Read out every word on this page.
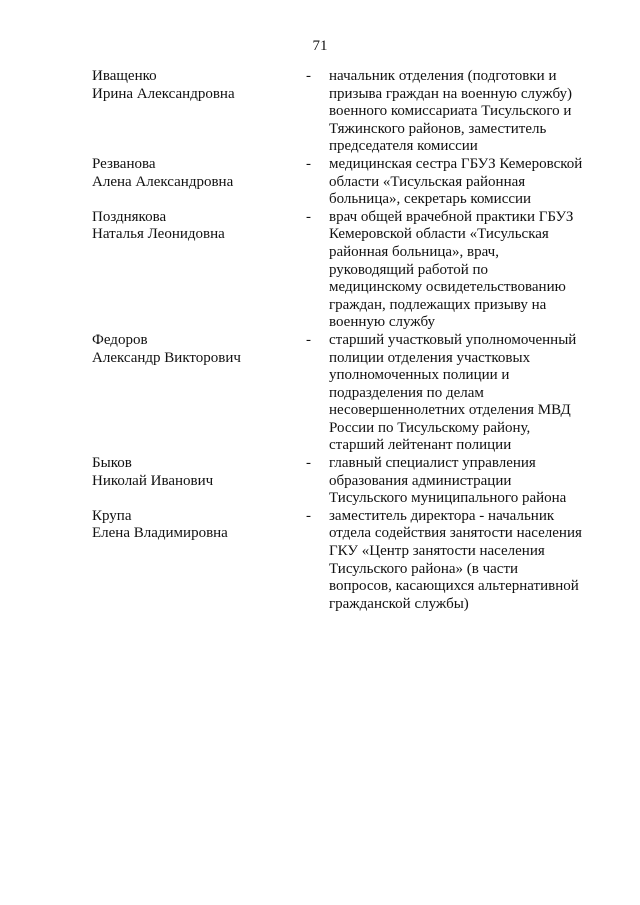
71
Иващенко
Ирина Александровна
- начальник отделения (подготовки и
призыва граждан на военную службу)
военного комиссариата Тисульского и
Тяжинского районов, заместитель
председателя комиссии
Резванова
Алена Александровна
- медицинская сестра ГБУЗ Кемеровской
области «Тисульская районная
больница», секретарь комиссии
Позднякова
Наталья Леонидовна
- врач общей врачебной практики ГБУЗ
Кемеровской области «Тисульская
районная больница», врач,
руководящий работой по
медицинскому освидетельствованию
граждан, подлежащих призыву на
военную службу
Федоров
Александр Викторович
- старший участковый уполномоченный
полиции отделения участковых
уполномоченных полиции и
подразделения по делам
несовершеннолетних отделения МВД
России по Тисульскому району,
старший лейтенант полиции
Быков
Николай Иванович
- главный специалист управления
образования администрации
Тисульского муниципального района
Крупа
Елена Владимировна
- заместитель директора - начальник
отдела содействия занятости населения
ГКУ «Центр занятости населения
Тисульского района» (в части
вопросов, касающихся альтернативной
гражданской службы)
